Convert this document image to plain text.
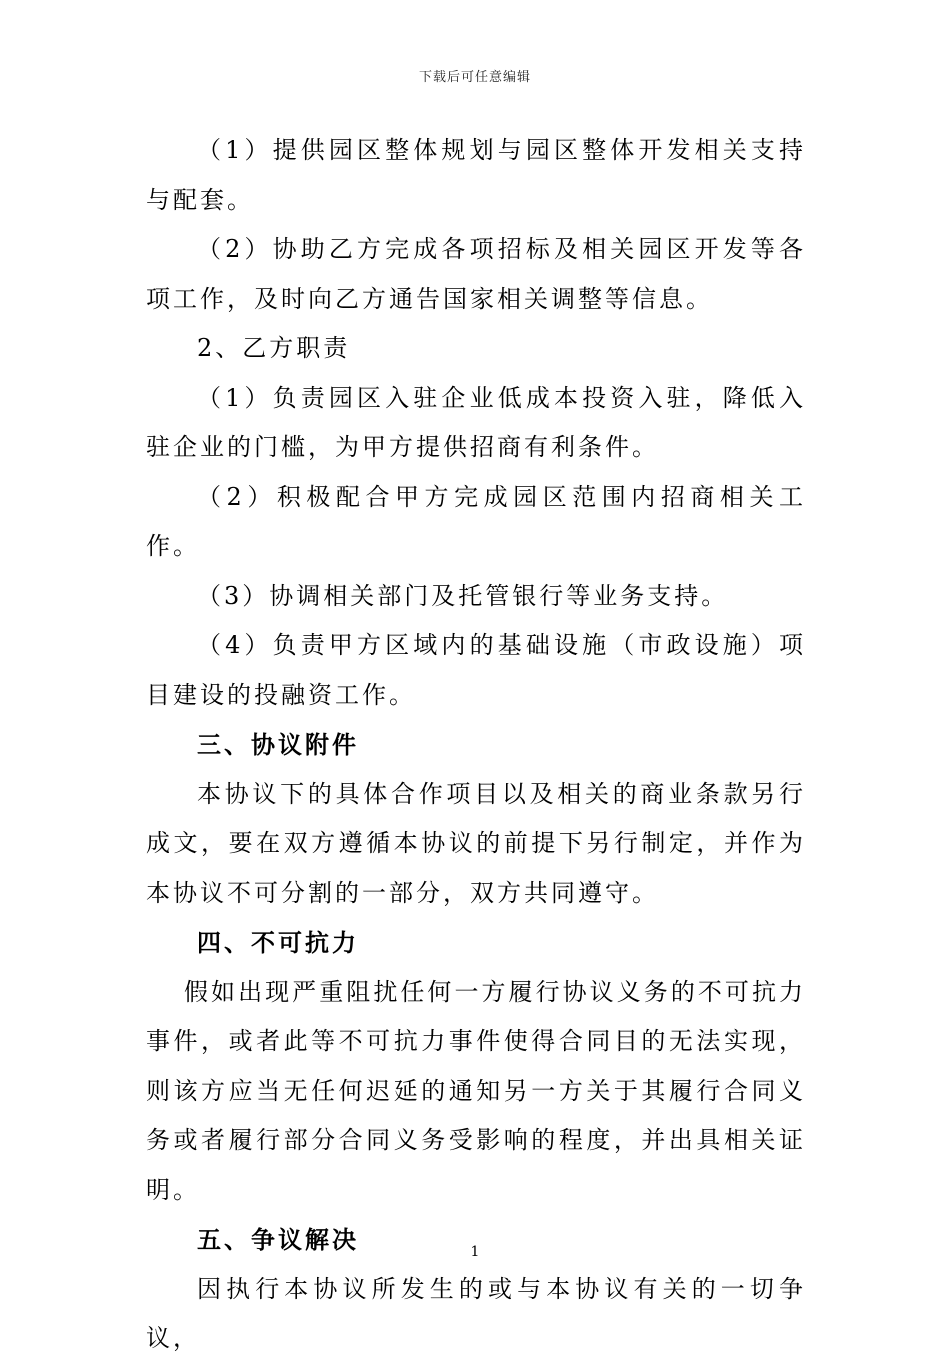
下载后可任意编辑

（1）提供园区整体规划与园区整体开发相关支持与配套。

（2）协助乙方完成各项招标及相关园区开发等各项工作，及时向乙方通告国家相关调整等信息。

2、乙方职责

（1）负责园区入驻企业低成本投资入驻，降低入驻企业的门槛，为甲方提供招商有利条件。

（2）积极配合甲方完成园区范围内招商相关工作。

（3）协调相关部门及托管银行等业务支持。

（4）负责甲方区域内的基础设施（市政设施）项目建设的投融资工作。

三、协议附件

本协议下的具体合作项目以及相关的商业条款另行成文，要在双方遵循本协议的前提下另行制定，并作为本协议不可分割的一部分，双方共同遵守。

四、不可抗力

假如出现严重阻扰任何一方履行协议义务的不可抗力事件，或者此等不可抗力事件使得合同目的无法实现，则该方应当无任何迟延的通知另一方关于其履行合同义务或者履行部分合同义务受影响的程度，并出具相关证明。

五、争议解决

因执行本协议所发生的或与本协议有关的一切争议，

1
